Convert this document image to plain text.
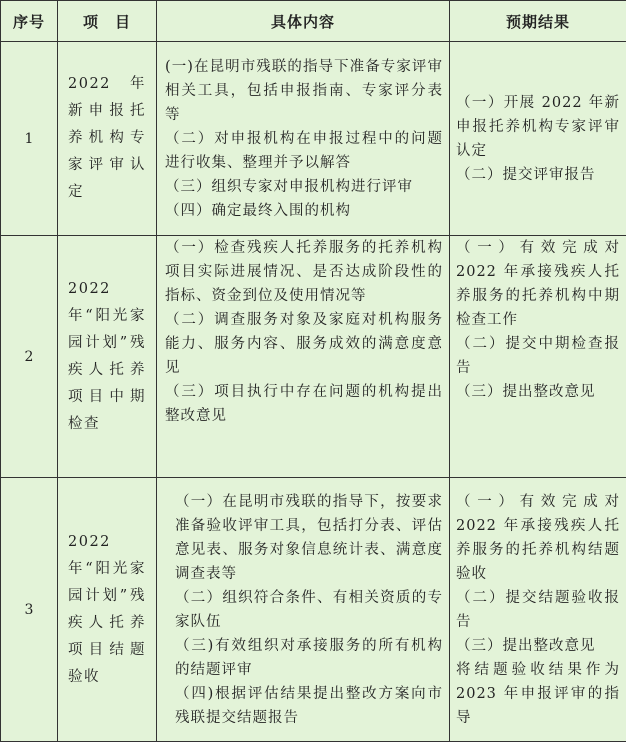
序号	项　目	具体内容	预期结果
1	2022 年新申报托养机构专家评审认定	(一)在昆明市残联的指导下准备专家评审相关工具，包括申报指南、专家评分表等
（二）对申报机构在申报过程中的问题进行收集、整理并予以解答
（三）组织专家对申报机构进行评审
（四）确定最终入围的机构	（一）开展 2022 年新申报托养机构专家评审认定
（二）提交评审报告

2	2022年“阳光家园计划”残疾人托养项目中期检查	（一）检查残疾人托养服务的托养机构项目实际进展情况、是否达成阶段性的指标、资金到位及使用情况等
（二）调查服务对象及家庭对机构服务能力、服务内容、服务成效的满意度意见
（三）项目执行中存在问题的机构提出整改意见	（一）有效完成对 2022 年承接残疾人托养服务的托养机构中期检查工作
（二）提交中期检查报告
（三）提出整改意见

3	2022年“阳光家园计划”残疾人托养项目结题验收	（一）在昆明市残联的指导下，按要求准备验收评审工具，包括打分表、评估意见表、服务对象信息统计表、满意度调查表等
（二）组织符合条件、有相关资质的专家队伍
（三)有效组织对承接服务的所有机构的结题评审
（四)根据评估结果提出整改方案向市残联提交结题报告	（一）有效完成对 2022 年承接残疾人托养服务的托养机构结题验收
（二）提交结题验收报告
（三）提出整改意见
将结题验收结果作为 2023 年申报评审的指导
